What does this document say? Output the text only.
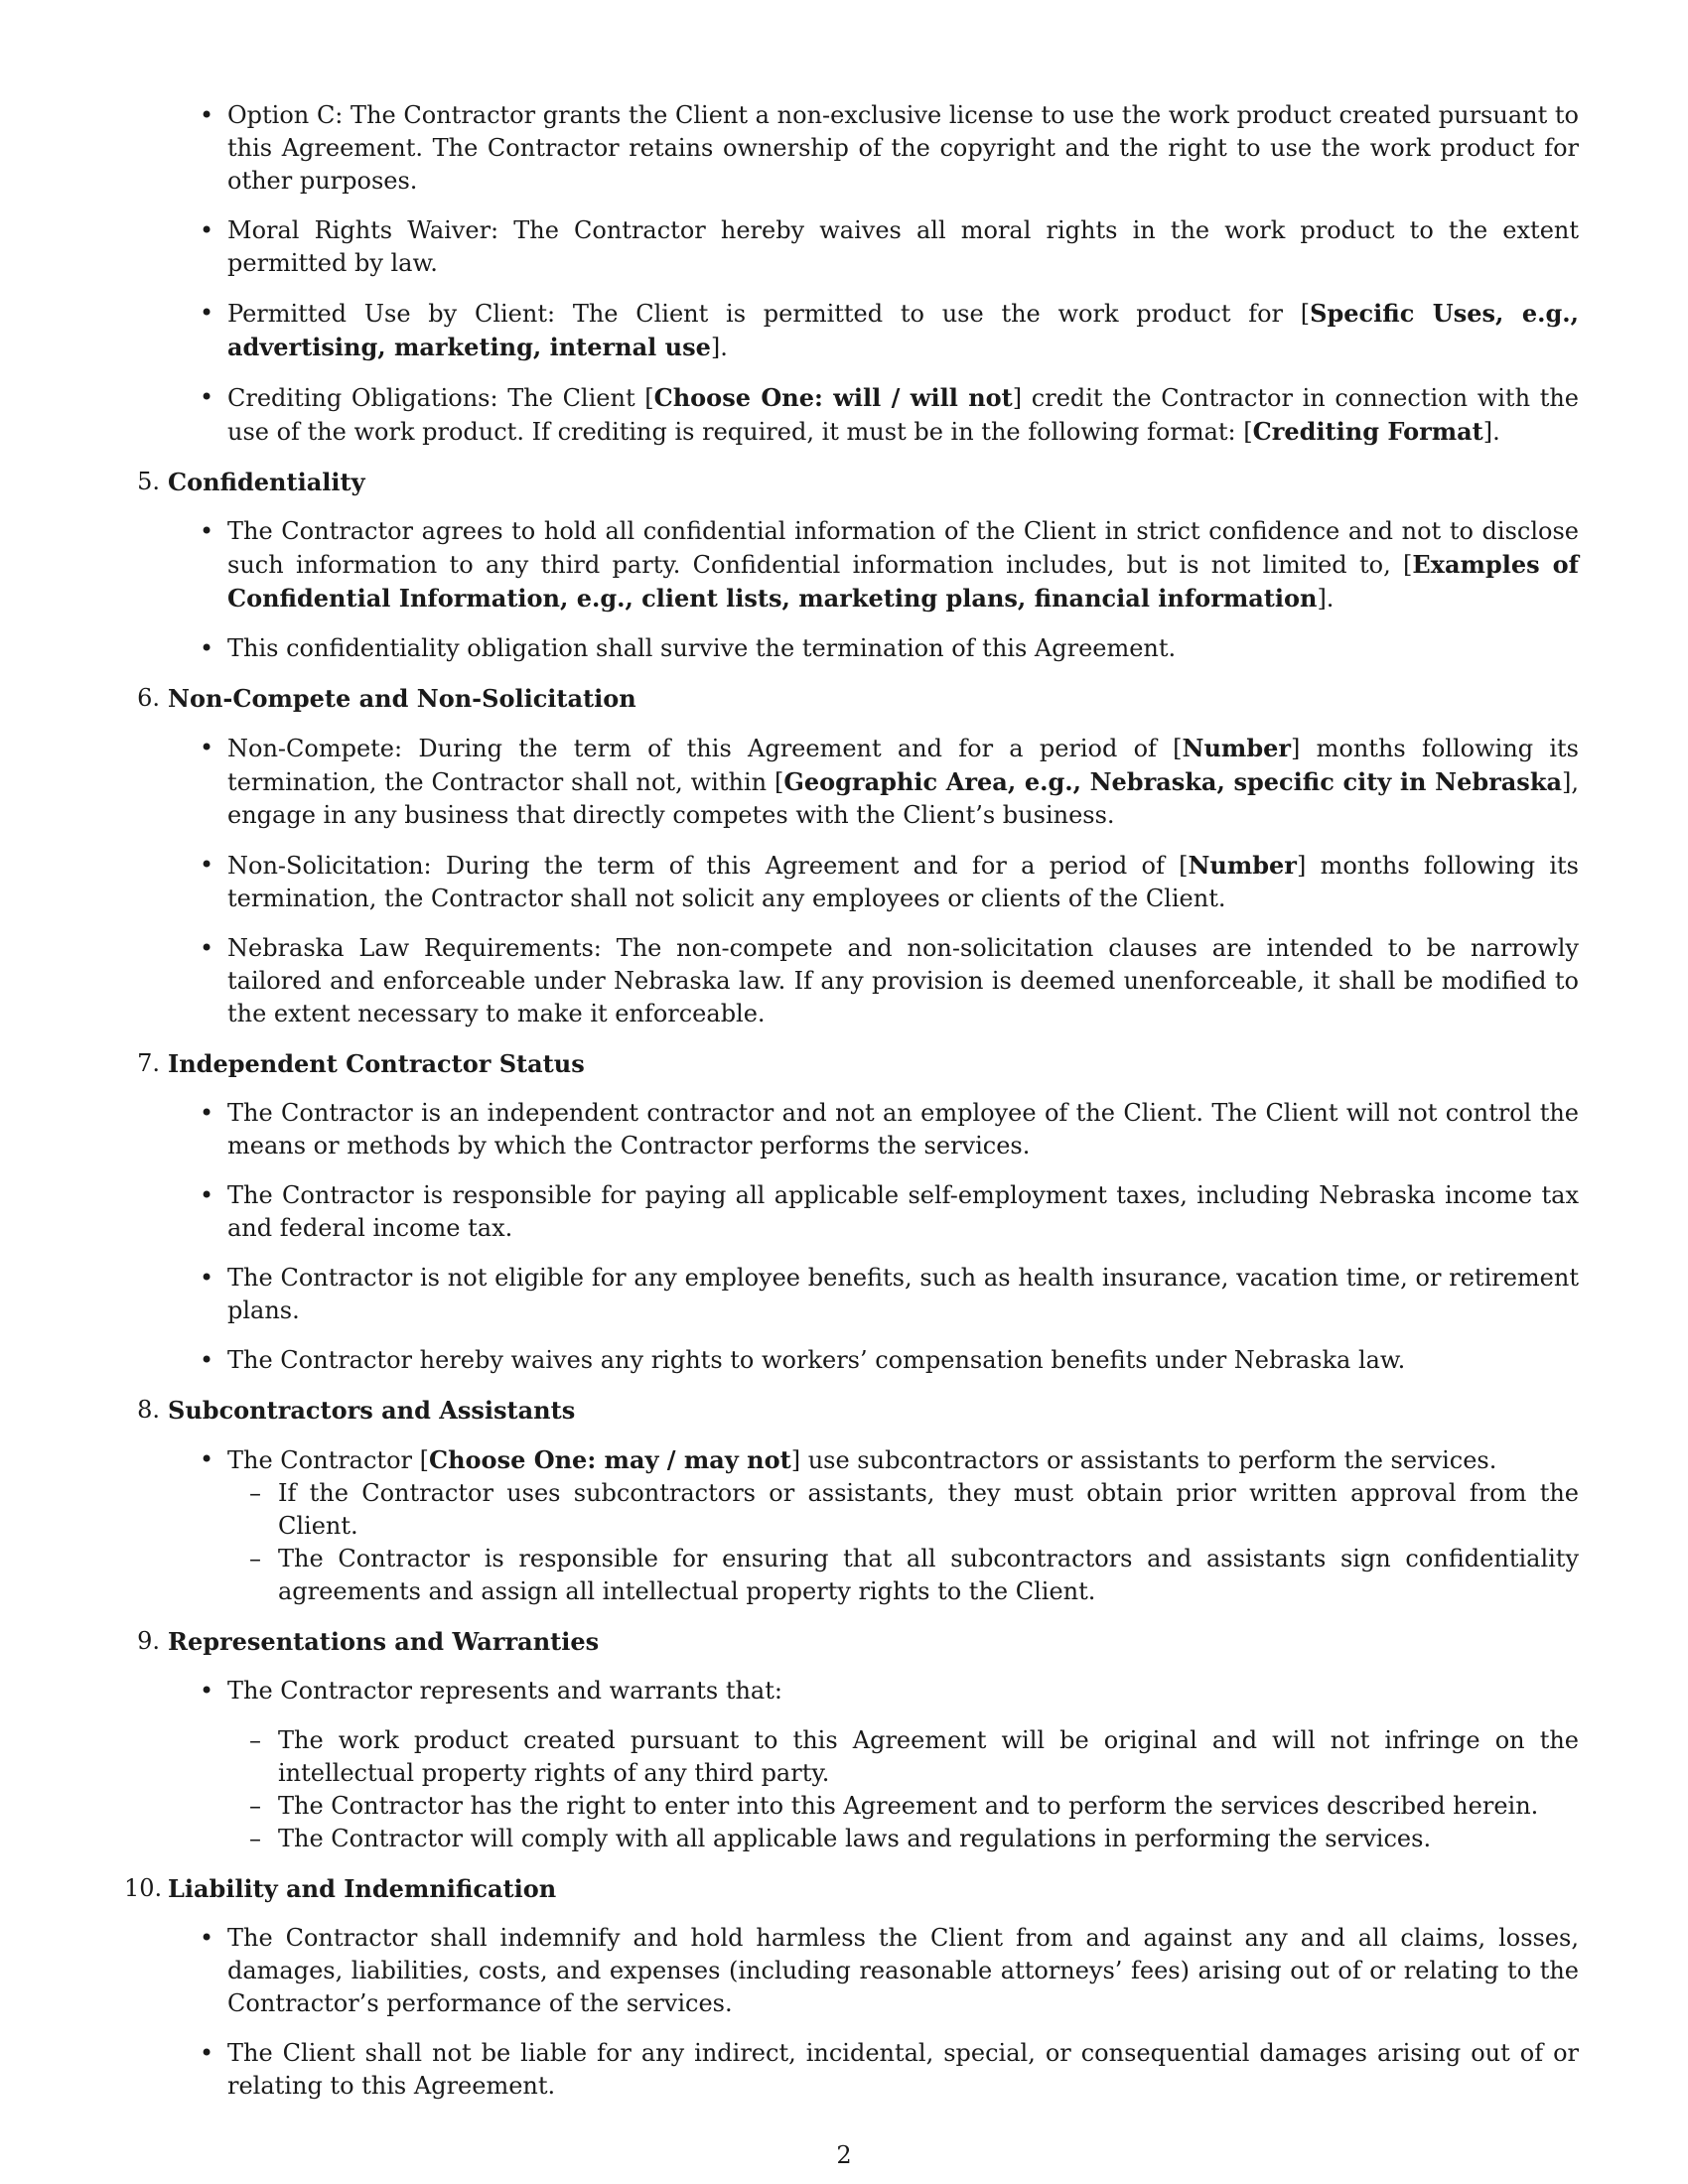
• Option C: The Contractor grants the Client a non-exclusive license to use the work product created pursuant to this Agreement. The Contractor retains ownership of the copyright and the right to use the work product for other purposes.

• Moral Rights Waiver: The Contractor hereby waives all moral rights in the work product to the extent permitted by law.

• Permitted Use by Client: The Client is permitted to use the work product for [Specific Uses, e.g., advertising, marketing, internal use].

• Crediting Obligations: The Client [Choose One: will / will not] credit the Contractor in connection with the use of the work product. If crediting is required, it must be in the following format: [Crediting Format].

5. Confidentiality

• The Contractor agrees to hold all confidential information of the Client in strict confidence and not to disclose such information to any third party. Confidential information includes, but is not limited to, [Examples of Confidential Information, e.g., client lists, marketing plans, financial information].

• This confidentiality obligation shall survive the termination of this Agreement.

6. Non-Compete and Non-Solicitation

• Non-Compete: During the term of this Agreement and for a period of [Number] months following its termination, the Contractor shall not, within [Geographic Area, e.g., Nebraska, specific city in Nebraska], engage in any business that directly competes with the Client’s business.

• Non-Solicitation: During the term of this Agreement and for a period of [Number] months following its termination, the Contractor shall not solicit any employees or clients of the Client.

• Nebraska Law Requirements: The non-compete and non-solicitation clauses are intended to be narrowly tailored and enforceable under Nebraska law. If any provision is deemed unenforceable, it shall be modified to the extent necessary to make it enforceable.

7. Independent Contractor Status

• The Contractor is an independent contractor and not an employee of the Client. The Client will not control the means or methods by which the Contractor performs the services.

• The Contractor is responsible for paying all applicable self-employment taxes, including Nebraska income tax and federal income tax.

• The Contractor is not eligible for any employee benefits, such as health insurance, vacation time, or retirement plans.

• The Contractor hereby waives any rights to workers’ compensation benefits under Nebraska law.

8. Subcontractors and Assistants

• The Contractor [Choose One: may / may not] use subcontractors or assistants to perform the services.

– If the Contractor uses subcontractors or assistants, they must obtain prior written approval from the Client.

– The Contractor is responsible for ensuring that all subcontractors and assistants sign confidentiality agreements and assign all intellectual property rights to the Client.

9. Representations and Warranties

• The Contractor represents and warrants that:

– The work product created pursuant to this Agreement will be original and will not infringe on the intellectual property rights of any third party.

– The Contractor has the right to enter into this Agreement and to perform the services described herein.

– The Contractor will comply with all applicable laws and regulations in performing the services.

10. Liability and Indemnification

• The Contractor shall indemnify and hold harmless the Client from and against any and all claims, losses, damages, liabilities, costs, and expenses (including reasonable attorneys’ fees) arising out of or relating to the Contractor’s performance of the services.

• The Client shall not be liable for any indirect, incidental, special, or consequential damages arising out of or relating to this Agreement.

2
